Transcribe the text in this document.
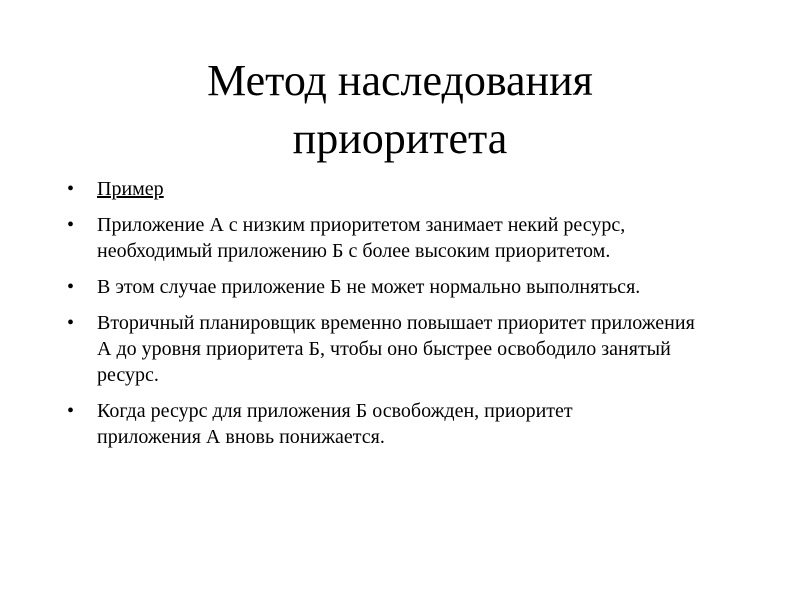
Метод наследования
приоритета
• Пример
• Приложение А с низким приоритетом занимает некий ресурс, необходимый приложению Б с более высоким приоритетом.
• В этом случае приложение Б не может нормально выполняться.
• Вторичный планировщик временно повышает приоритет приложения А до уровня приоритета Б, чтобы оно быстрее освободило занятый ресурс.
• Когда ресурс для приложения Б освобожден, приоритет приложения А вновь понижается.
